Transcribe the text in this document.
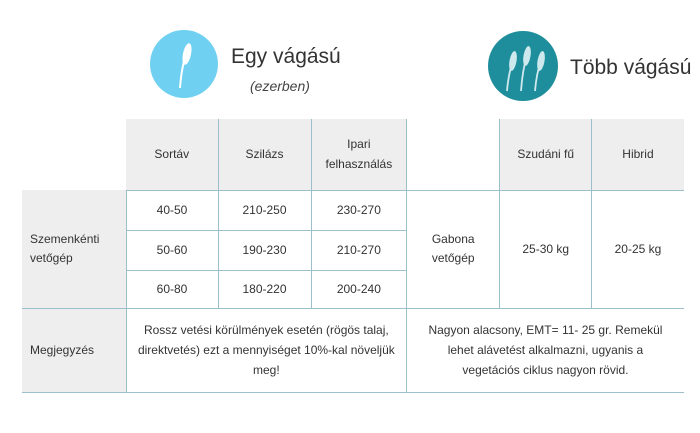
Egy vágású
(ezerben)
Több vágású
	Sortáv	Szilázs	Ipari felhasználás		Szudáni fű	Hibrid
Szemenkénti vetőgép	40-50	210-250	230-270	Gabona vetőgép	25-30 kg	20-25 kg
	50-60	190-230	210-270			
	60-80	180-220	200-240			
Megjegyzés	Rossz vetési körülmények esetén (rögös talaj, direktvetés) ezt a mennyiséget 10%-kal növeljük meg!			Nagyon alacsony, EMT= 11- 25 gr. Remekül lehet alávetést alkalmazni, ugyanis a vegetációs ciklus nagyon rövid.		
